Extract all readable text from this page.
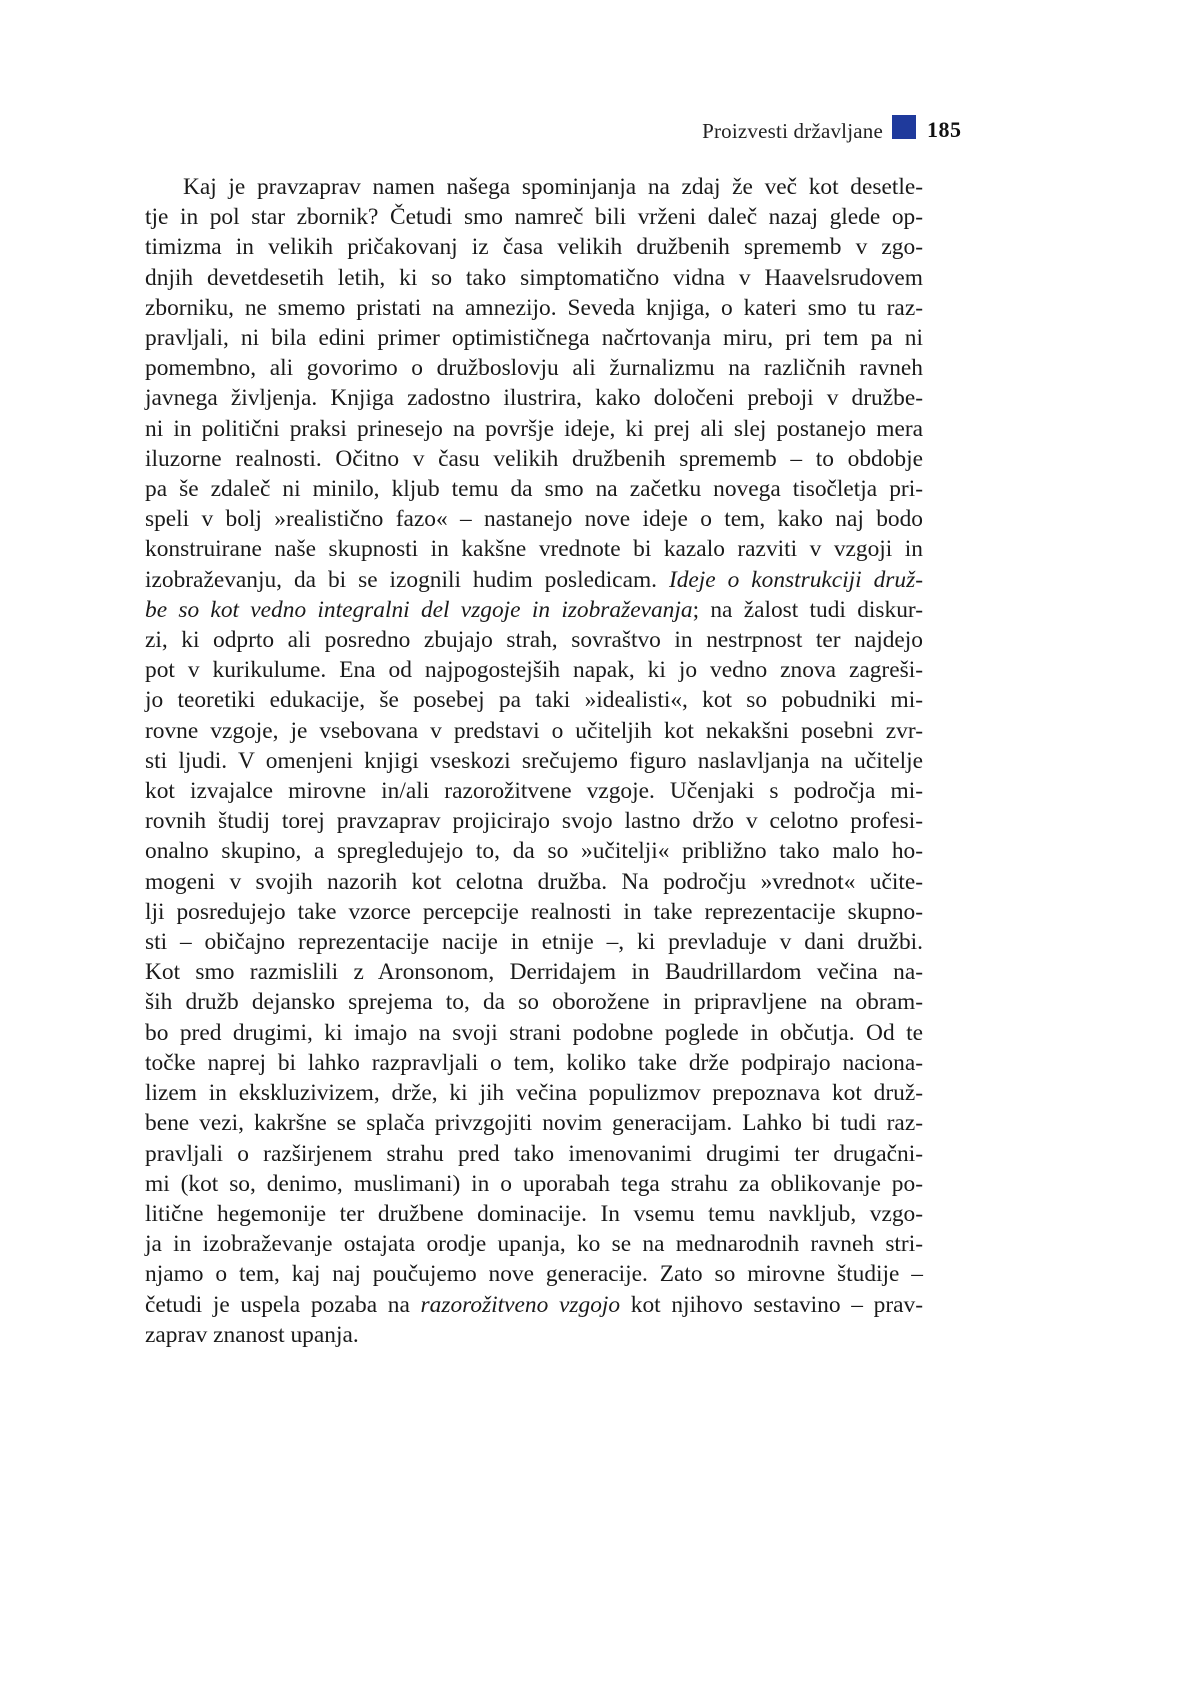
Proizvesti državljane 185
Kaj je pravzaprav namen našega spominjanja na zdaj že več kot desetle-
tje in pol star zbornik? Četudi smo namreč bili vrženi daleč nazaj glede op-
timizma in velikih pričakovanj iz časa velikih družbenih sprememb v zgo-
dnjih devetdesetih letih, ki so tako simptomatično vidna v Haavelsrudovem
zborniku, ne smemo pristati na amnezijo. Seveda knjiga, o kateri smo tu raz-
pravljali, ni bila edini primer optimističnega načrtovanja miru, pri tem pa ni
pomembno, ali govorimo o družboslovju ali žurnalizmu na različnih ravneh
javnega življenja. Knjiga zadostno ilustrira, kako določeni preboji v družbe-
ni in politični praksi prinesejo na površje ideje, ki prej ali slej postanejo mera
iluzorne realnosti. Očitno v času velikih družbenih sprememb – to obdobje
pa še zdaleč ni minilo, kljub temu da smo na začetku novega tisočletja pri-
speli v bolj »realistično fazo« – nastanejo nove ideje o tem, kako naj bodo
konstruirane naše skupnosti in kakšne vrednote bi kazalo razviti v vzgoji in
izobraževanju, da bi se izognili hudim posledicam. Ideje o konstrukciji druž-
be so kot vedno integralni del vzgoje in izobraževanja; na žalost tudi diskur-
zi, ki odprto ali posredno zbujajo strah, sovraštvo in nestrpnost ter najdejo
pot v kurikulume. Ena od najpogostejših napak, ki jo vedno znova zagreši-
jo teoretiki edukacije, še posebej pa taki »idealisti«, kot so pobudniki mi-
rovne vzgoje, je vsebovana v predstavi o učiteljih kot nekakšni posebni zvr-
sti ljudi. V omenjeni knjigi vseskozi srečujemo figuro naslavljanja na učitelje
kot izvajalce mirovne in/ali razorožitvene vzgoje. Učenjaki s področja mi-
rovnih študij torej pravzaprav projicirajo svojo lastno držo v celotno profesi-
onalno skupino, a spregledujejo to, da so »učitelji« približno tako malo ho-
mogeni v svojih nazorih kot celotna družba. Na področju »vrednot« učite-
lji posredujejo take vzorce percepcije realnosti in take reprezentacije skupno-
sti – običajno reprezentacije nacije in etnije –, ki prevladuje v dani družbi.
Kot smo razmislili z Aronsonom, Derridajem in Baudrillardom večina na-
ših družb dejansko sprejema to, da so oborožene in pripravljene na obram-
bo pred drugimi, ki imajo na svoji strani podobne poglede in občutja. Od te
točke naprej bi lahko razpravljali o tem, koliko take drže podpirajo naciona-
lizem in ekskluzivizem, drže, ki jih večina populizmov prepoznava kot druž-
bene vezi, kakršne se splača privzgojiti novim generacijam. Lahko bi tudi raz-
pravljali o razširjenem strahu pred tako imenovanimi drugimi ter drugačni-
mi (kot so, denimo, muslimani) in o uporabah tega strahu za oblikovanje po-
litične hegemonije ter družbene dominacije. In vsemu temu navkljub, vzgo-
ja in izobraževanje ostajata orodje upanja, ko se na mednarodnih ravneh stri-
njamo o tem, kaj naj poučujemo nove generacije. Zato so mirovne študije –
četudi je uspela pozaba na razorožitveno vzgojo kot njihovo sestavino – prav-
zaprav znanost upanja.
